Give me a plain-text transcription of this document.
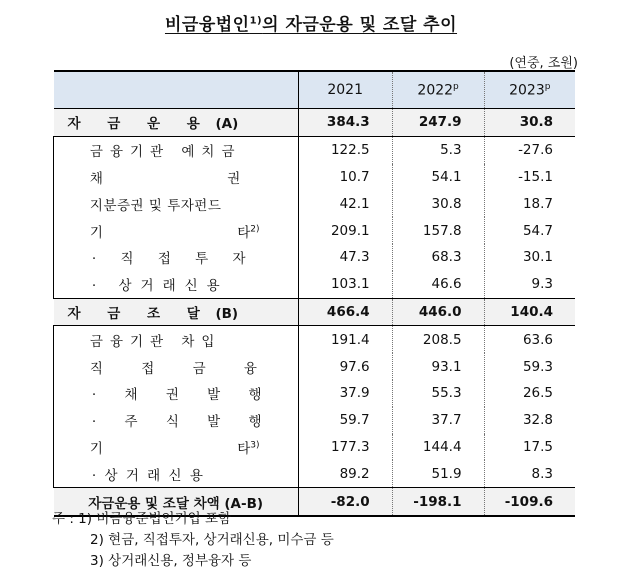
비금융법인$^{1)}$의 자금운용 및 조달 추이
(연중, 조원)
		2021	2022$^p$	2023$^p$
자 금 운 용 (A)		384.3	247.9	30.8
	금융기관 예치금	122.5	5.3	-27.6
	채 권	10.7	54.1	-15.1
	지분증권 및 투자펀드	42.1	30.8	18.7
	기 타$^{2)}$	209.1	157.8	54.7
	· 직 접 투 자	47.3	68.3	30.1
	· 상거래신용	103.1	46.6	9.3
자 금 조 달 (B)		466.4	446.0	140.4
	금융기관 차입	191.4	208.5	63.6
	직 접 금 융	97.6	93.1	59.3
	· 채 권 발 행	37.9	55.3	26.5
	· 주 식 발 행	59.7	37.7	32.8
	기 타$^{3)}$	177.3	144.4	17.5
	· 상 거 래 신 용	89.2	51.9	8.3
자금운용 및 조달 차액 (A-B)		-82.0	-198.1	-109.6
주 : 1) 비금융준법인기업 포함
2) 현금, 직접투자, 상거래신용, 미수금 등
3) 상거래신용, 정부융자 등
